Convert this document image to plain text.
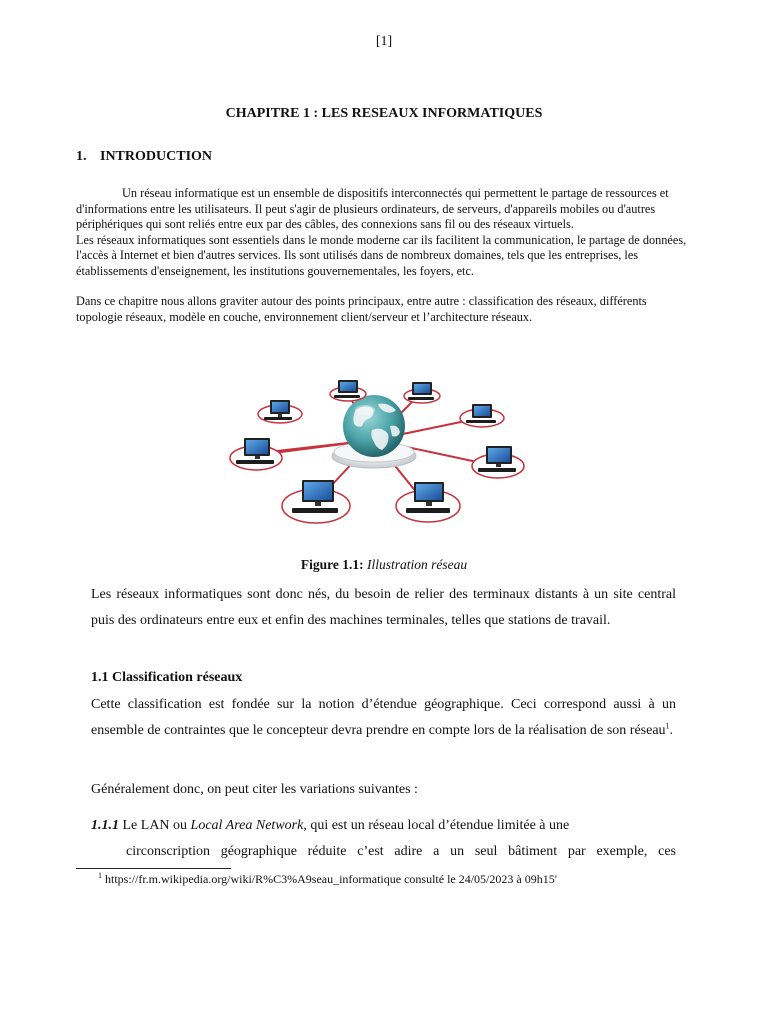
[1]
CHAPITRE 1 : LES RESEAUX INFORMATIQUES
1. INTRODUCTION

Un réseau informatique est un ensemble de dispositifs interconnectés qui permettent le partage de ressources et d'informations entre les utilisateurs. Il peut s'agir de plusieurs ordinateurs, de serveurs, d'appareils mobiles ou d'autres périphériques qui sont reliés entre eux par des câbles, des connexions sans fil ou des réseaux virtuels.

Les réseaux informatiques sont essentiels dans le monde moderne car ils facilitent la communication, le partage de données, l'accès à Internet et bien d'autres services. Ils sont utilisés dans de nombreux domaines, tels que les entreprises, les établissements d'enseignement, les institutions gouvernementales, les foyers, etc.

Dans ce chapitre nous allons graviter autour des points principaux, entre autre : classification des réseaux, différents topologie réseaux, modèle en couche, environnement client/serveur et l’architecture réseaux.

Figure 1.1: Illustration réseau

Les réseaux informatiques sont donc nés, du besoin de relier des terminaux distants à un site central puis des ordinateurs entre eux et enfin des machines terminales, telles que stations de travail.

1.1 Classification réseaux

Cette classification est fondée sur la notion d’étendue géographique. Ceci correspond aussi à un ensemble de contraintes que le concepteur devra prendre en compte lors de la réalisation de son réseau$^1$.

Généralement donc, on peut citer les variations suivantes :

1.1.1 Le LAN ou Local Area Network, qui est un réseau local d’étendue limitée à une

circonscription géographique réduite c’est adire a un seul bâtiment par exemple, ces

$^1$ https://fr.m.wikipedia.org/wiki/R%C3%A9seau_informatique consulté le 24/05/2023 à 09h15'
